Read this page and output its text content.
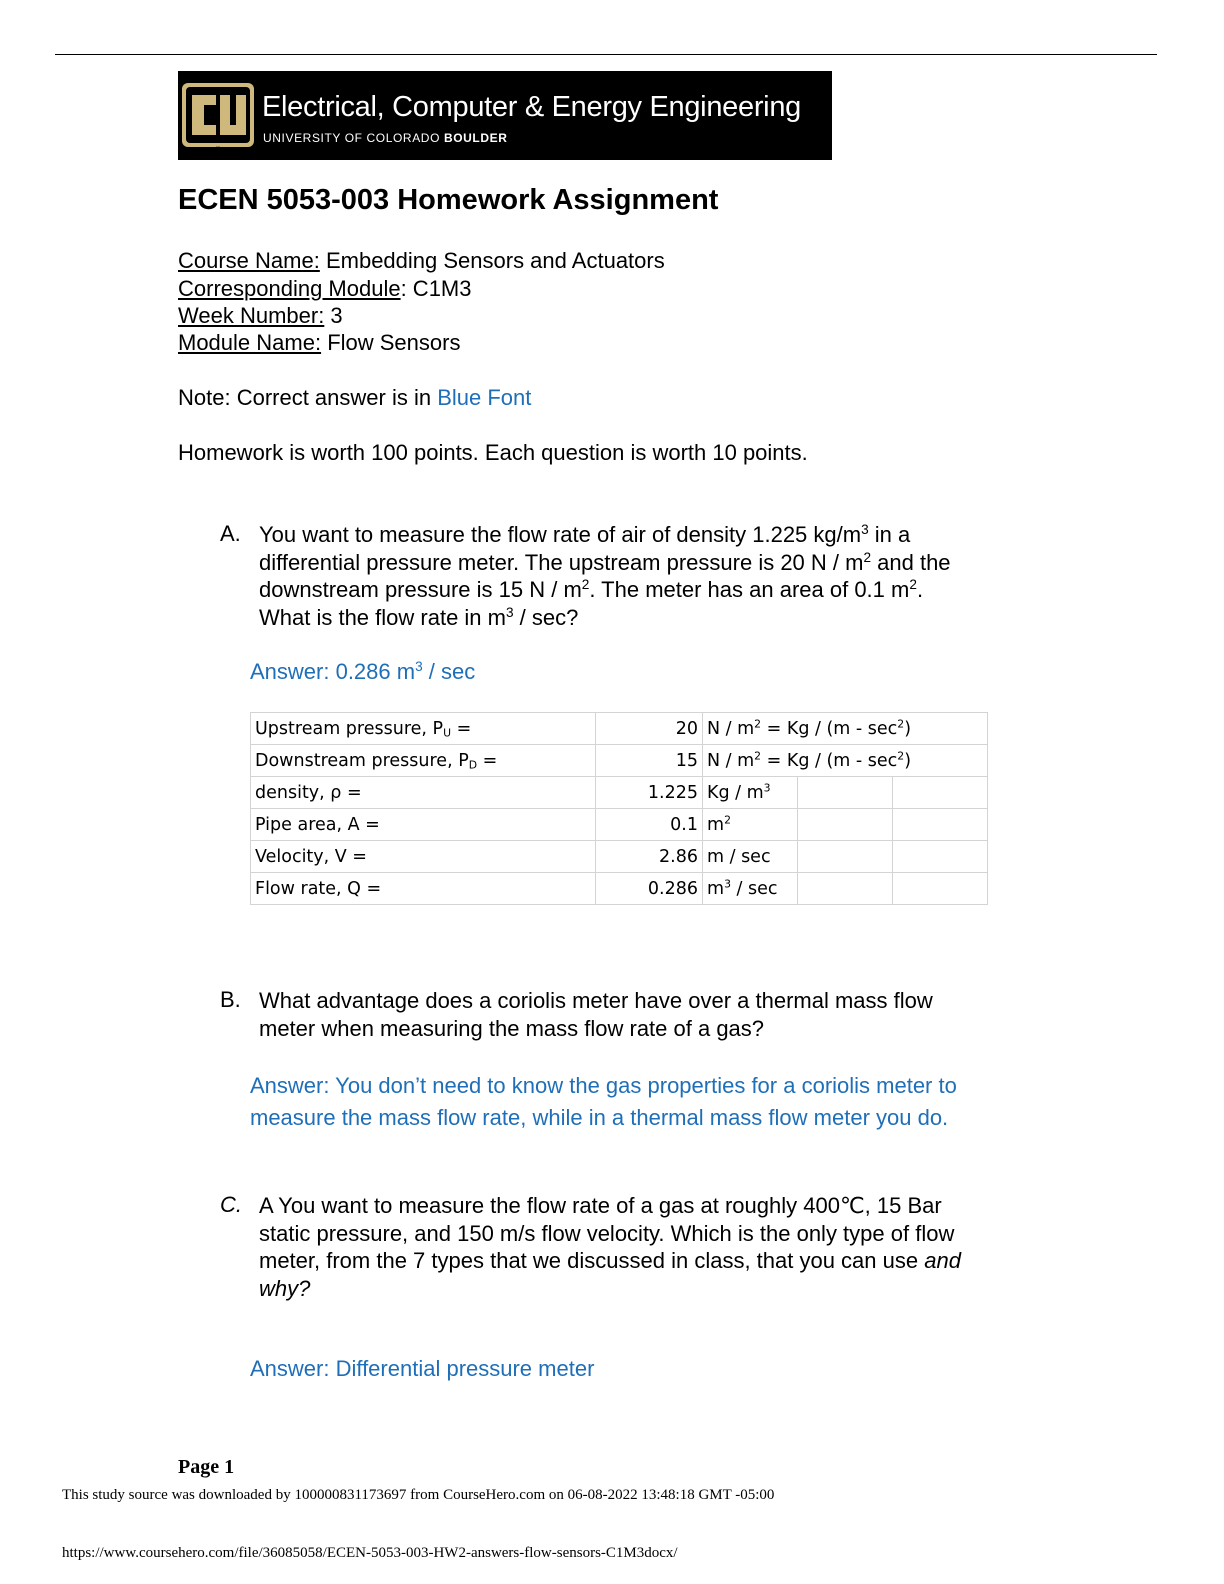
CU
Electrical, Computer & Energy Engineering
UNIVERSITY OF COLORADO BOULDER
ECEN 5053-003 Homework Assignment
Course Name: Embedding Sensors and Actuators
Corresponding Module: C1M3
Week Number: 3
Module Name: Flow Sensors
Note: Correct answer is in Blue Font
Homework is worth 100 points. Each question is worth 10 points.
A. You want to measure the flow rate of air of density 1.225 $kg/m^3$ in a
differential pressure meter. The upstream pressure is 20 N / $m^2$ and the
downstream pressure is 15 N / $m^2$. The meter has an area of 0.1 $m^2$.
What is the flow rate in $m^3$ / sec?
Answer: 0.286 $m^3$ / sec
Upstream pressure, $P_U$ =	20	$N / m^2 = Kg / (m - \sec^2)$		
Downstream pressure, $P_D$ =	15	$N / m^2 = Kg / (m - \sec^2)$		
density, ρ =	1.225	Kg / $m^3$		
Pipe area, A =	0.1	$m^2$		
Velocity, V =	2.86	m / sec		
Flow rate, Q =	0.286	$m^3$ / sec		
B. What advantage does a coriolis meter have over a thermal mass flow
meter when measuring the mass flow rate of a gas?
Answer: You don’t need to know the gas properties for a coriolis meter to
measure the mass flow rate, while in a thermal mass flow meter you do.
C. A You want to measure the flow rate of a gas at roughly 400℃, 15 Bar
static pressure, and 150 m/s flow velocity. Which is the only type of flow
meter, from the 7 types that we discussed in class, that you can use and
why?
Answer: Differential pressure meter
Page 1
This study source was downloaded by 100000831173697 from CourseHero.com on 06-08-2022 13:48:18 GMT -05:00
https://www.coursehero.com/file/36085058/ECEN-5053-003-HW2-answers-flow-sensors-C1M3docx/
